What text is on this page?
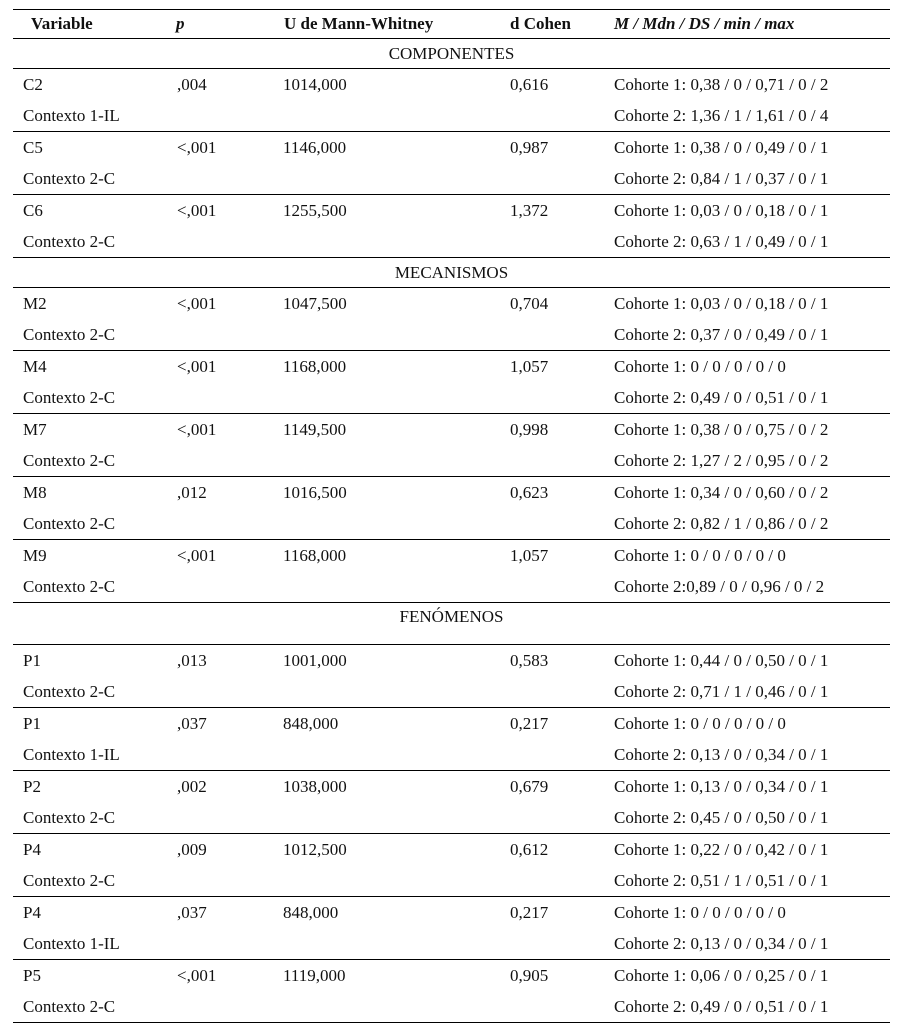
Variable	p	U de Mann-Whitney	d Cohen	M / Mdn / DS / min / max
COMPONENTES
C2	,004	1014,000	0,616	Cohorte 1: 0,38 / 0 / 0,71 / 0 / 2
Contexto 1-IL	Cohorte 2: 1,36 / 1 / 1,61 / 0 / 4
C5	<,001	1146,000	0,987	Cohorte 1: 0,38 / 0 / 0,49 / 0 / 1
Contexto 2-C	Cohorte 2: 0,84 / 1 / 0,37 / 0 / 1
C6	<,001	1255,500	1,372	Cohorte 1: 0,03 / 0 / 0,18 / 0 / 1
Contexto 2-C	Cohorte 2: 0,63 / 1 / 0,49 / 0 / 1
MECANISMOS
M2	<,001	1047,500	0,704	Cohorte 1: 0,03 / 0 / 0,18 / 0 / 1
Contexto 2-C	Cohorte 2: 0,37 / 0 / 0,49 / 0 / 1
M4	<,001	1168,000	1,057	Cohorte 1: 0 / 0 / 0 / 0 / 0
Contexto 2-C	Cohorte 2: 0,49 / 0 / 0,51 / 0 / 1
M7	<,001	1149,500	0,998	Cohorte 1: 0,38 / 0 / 0,75 / 0 / 2
Contexto 2-C	Cohorte 2: 1,27 / 2 / 0,95 / 0 / 2
M8	,012	1016,500	0,623	Cohorte 1: 0,34 / 0 / 0,60 / 0 / 2
Contexto 2-C	Cohorte 2: 0,82 / 1 / 0,86 / 0 / 2
M9	<,001	1168,000	1,057	Cohorte 1: 0 / 0 / 0 / 0 / 0
Contexto 2-C	Cohorte 2:0,89 / 0 / 0,96 / 0 / 2
FENÓMENOS
P1	,013	1001,000	0,583	Cohorte 1: 0,44 / 0 / 0,50 / 0 / 1
Contexto 2-C	Cohorte 2: 0,71 / 1 / 0,46 / 0 / 1
P1	,037	848,000	0,217	Cohorte 1: 0 / 0 / 0 / 0 / 0
Contexto 1-IL	Cohorte 2: 0,13 / 0 / 0,34 / 0 / 1
P2	,002	1038,000	0,679	Cohorte 1: 0,13 / 0 / 0,34 / 0 / 1
Contexto 2-C	Cohorte 2: 0,45 / 0 / 0,50 / 0 / 1
P4	,009	1012,500	0,612	Cohorte 1: 0,22 / 0 / 0,42 / 0 / 1
Contexto 2-C	Cohorte 2: 0,51 / 1 / 0,51 / 0 / 1
P4	,037	848,000	0,217	Cohorte 1: 0 / 0 / 0 / 0 / 0
Contexto 1-IL	Cohorte 2: 0,13 / 0 / 0,34 / 0 / 1
P5	<,001	1119,000	0,905	Cohorte 1: 0,06 / 0 / 0,25 / 0 / 1
Contexto 2-C	Cohorte 2: 0,49 / 0 / 0,51 / 0 / 1
